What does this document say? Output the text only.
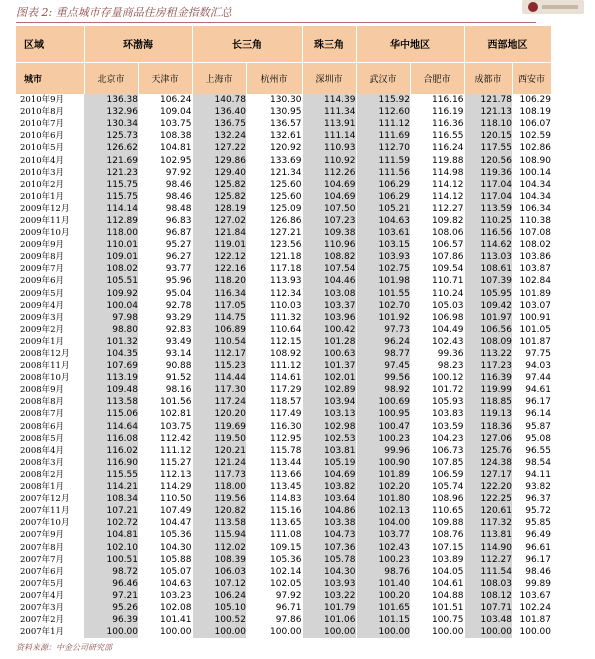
图表 2: 重点城市存量商品住房租金指数汇总
区域	环渤海		长三角		珠三角	华中地区		西部地区	
城市	北京市	天津市	上海市	杭州市	深圳市	武汉市	合肥市	成都市	西安市
2010年9月	136.38	106.24	140.78	130.30	114.39	115.92	116.16	121.78	106.29
2010年8月	132.96	109.04	136.40	130.95	111.34	112.60	116.19	121.13	108.19
2010年7月	130.34	103.75	136.75	136.57	113.91	111.12	116.36	118.10	106.07
2010年6月	125.73	108.38	132.24	132.61	111.14	111.69	116.55	120.15	102.59
2010年5月	126.62	104.81	127.22	120.92	110.93	112.70	116.24	117.55	102.86
2010年4月	121.69	102.95	129.86	133.69	110.92	111.59	119.88	120.56	108.90
2010年3月	121.23	97.92	129.40	121.34	112.26	111.56	114.98	119.36	100.14
2010年2月	115.75	98.46	125.82	125.60	104.69	106.29	114.12	117.04	104.34
2010年1月	115.75	98.46	125.82	125.60	104.69	106.29	114.12	117.04	104.34
2009年12月	114.14	98.48	128.19	125.09	107.50	105.21	112.27	113.59	106.34
2009年11月	112.89	96.83	127.02	126.86	107.23	104.63	109.82	110.25	110.38
2009年10月	118.00	96.87	121.84	127.21	109.38	103.61	108.06	116.56	107.08
2009年9月	110.01	95.27	119.01	123.56	110.96	103.15	106.57	114.62	108.02
2009年8月	109.01	96.27	122.12	121.18	108.82	103.93	107.86	113.03	103.86
2009年7月	108.02	93.77	122.16	117.18	107.54	102.75	109.54	108.61	103.87
2009年6月	105.51	95.96	118.20	113.93	104.46	101.98	110.71	107.39	102.84
2009年5月	109.92	95.04	116.34	112.34	103.08	101.55	110.24	105.95	101.89
2009年4月	100.04	92.78	117.05	110.03	103.37	102.70	105.03	109.42	103.07
2009年3月	97.98	93.29	114.75	111.32	103.96	101.92	106.98	101.97	100.91
2009年2月	98.80	92.83	106.89	110.64	100.42	97.73	104.49	106.56	101.05
2009年1月	101.32	93.49	110.54	112.15	101.28	96.24	102.43	108.09	101.87
2008年12月	104.35	93.14	112.17	108.92	100.63	98.77	99.36	113.22	97.75
2008年11月	107.69	90.88	115.23	111.12	101.37	97.45	98.23	117.23	94.03
2008年10月	113.19	91.52	114.44	114.61	102.01	99.56	100.12	116.39	97.44
2008年9月	109.48	98.16	117.30	117.29	102.89	98.92	101.72	119.99	94.61
2008年8月	113.58	101.56	117.24	118.57	103.94	100.69	105.93	118.85	96.17
2008年7月	115.06	102.81	120.20	117.49	103.13	100.95	103.83	119.13	96.14
2008年6月	114.64	103.75	119.69	116.30	102.98	100.47	103.59	118.36	95.87
2008年5月	116.08	112.42	119.50	112.95	102.53	100.23	104.23	127.06	95.08
2008年4月	116.02	111.12	120.21	115.78	103.81	99.96	106.73	125.76	96.55
2008年3月	116.90	115.27	121.24	113.44	105.19	100.90	107.85	124.38	98.54
2008年2月	115.55	112.13	117.73	113.66	104.69	101.89	106.59	127.17	94.11
2008年1月	114.21	114.29	118.00	113.45	103.82	102.20	105.74	122.20	93.82
2007年12月	108.34	110.50	119.56	114.83	103.64	101.80	108.96	122.25	96.37
2007年11月	107.21	107.49	120.82	115.16	104.86	102.13	110.65	120.61	95.72
2007年10月	102.72	104.47	113.58	113.65	103.38	104.00	109.88	117.32	95.85
2007年9月	104.81	105.36	115.94	111.08	104.73	103.77	108.76	113.81	96.49
2007年8月	102.10	104.30	112.02	109.15	107.36	102.43	107.15	114.90	96.61
2007年7月	100.51	105.88	108.39	105.36	105.78	100.23	103.89	112.27	96.17
2007年6月	98.72	105.07	106.03	102.14	104.30	98.76	104.05	111.54	98.46
2007年5月	96.46	104.63	107.12	102.05	103.93	101.40	104.61	108.03	99.89
2007年4月	97.21	103.23	106.24	97.92	103.22	100.20	104.88	108.12	103.67
2007年3月	95.26	102.08	105.10	96.71	101.79	101.65	101.51	107.71	102.24
2007年2月	96.39	101.41	100.52	97.86	101.06	101.15	100.75	103.48	101.87
2007年1月	100.00	100.00	100.00	100.00	100.00	100.00	100.00	100.00	100.00
资料来源：中金公司研究部
